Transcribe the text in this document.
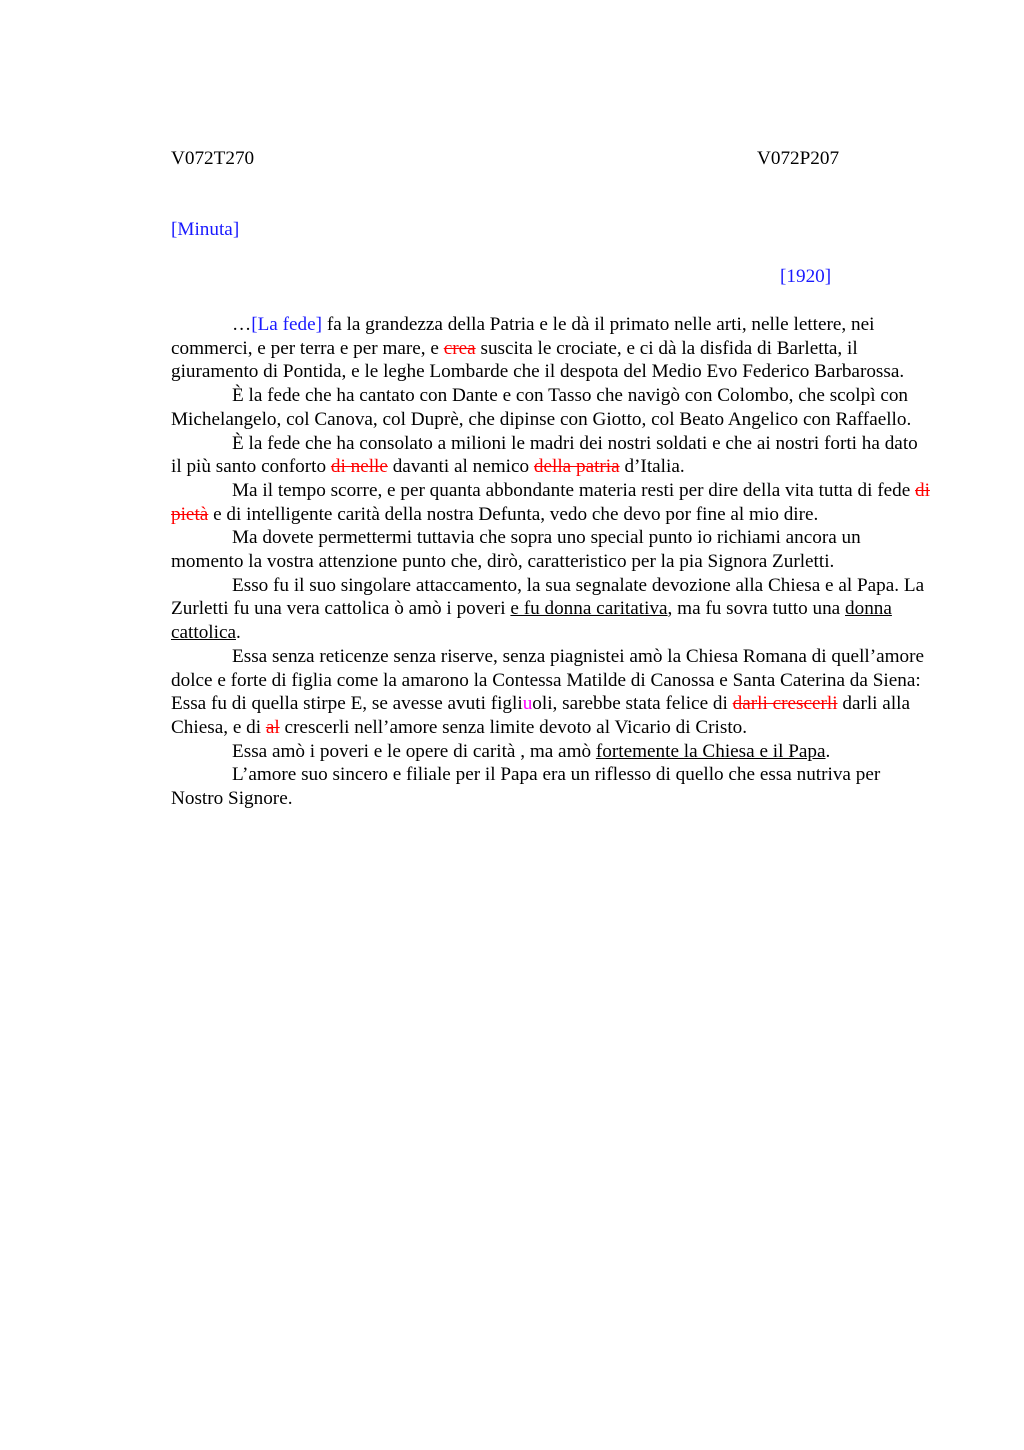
V072T270	V072P207
[Minuta]
[1920]

…[La fede] fa la grandezza della Patria e le dà il primato nelle arti, nelle lettere, nei commerci, e per terra e per mare, e crea suscita le crociate, e ci dà la disfida di Barletta, il giuramento di Pontida, e le leghe Lombarde che il despota del Medio Evo Federico Barbarossa.

È la fede che ha cantato con Dante e con Tasso che navigò con Colombo, che scolpì con Michelangelo, col Canova, col Duprè, che dipinse con Giotto, col Beato Angelico con Raffaello.

È la fede che ha consolato a milioni le madri dei nostri soldati e che ai nostri forti ha dato il più santo conforto di nelle davanti al nemico della patria d’Italia.

Ma il tempo scorre, e per quanta abbondante materia resti per dire della vita tutta di fede di pietà e di intelligente carità della nostra Defunta, vedo che devo por fine al mio dire.

Ma dovete permettermi tuttavia che sopra uno special punto io richiami ancora un momento la vostra attenzione punto che, dirò, caratteristico per la pia Signora Zurletti.

Esso fu il suo singolare attaccamento, la sua segnalate devozione alla Chiesa e al Papa. La Zurletti fu una vera cattolica ò amò i poveri e fu donna caritativa, ma fu sovra tutto una donna cattolica.

Essa senza reticenze senza riserve, senza piagnistei amò la Chiesa Romana di quell’amore dolce e forte di figlia come la amarono la Contessa Matilde di Canossa e Santa Caterina da Siena: Essa fu di quella stirpe E, se avesse avuti figliuoli, sarebbe stata felice di darli crescerli darli alla Chiesa, e di al crescerli nell’amore senza limite devoto al Vicario di Cristo.

Essa amò i poveri e le opere di carità , ma amò fortemente la Chiesa e il Papa.

L’amore suo sincero e filiale per il Papa era un riflesso di quello che essa nutriva per Nostro Signore.
